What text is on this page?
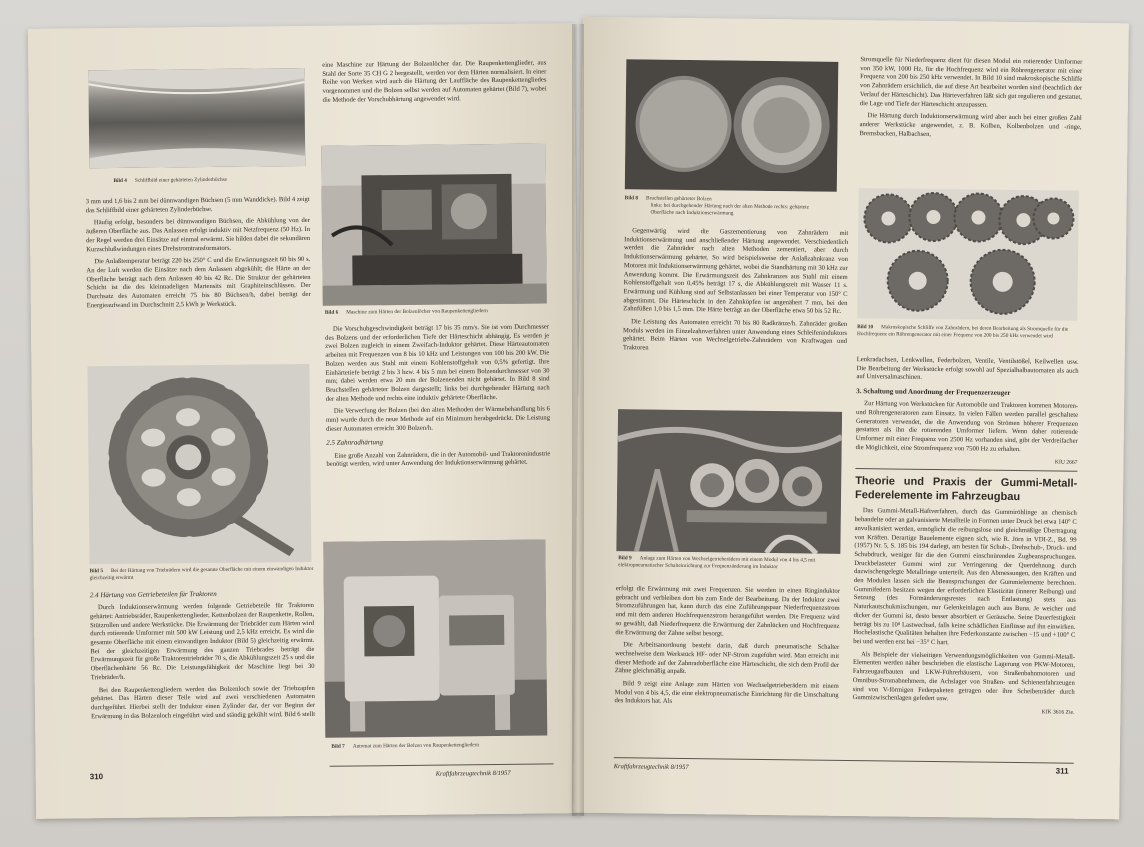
Bild 4 Schliffbild einer gehärteten Zylinderbüchse

3 mm und 1,6 bis 2 mm bei dünnwandigen Büchsen (5 mm Wanddicke). Bild 4 zeigt das Schliffbild einer gehärteten Zylinderbüchse.

Häufig erfolgt, besonders bei dünnwandigen Büchsen, die Abkühlung von der äußeren Oberfläche aus. Das Anlassen erfolgt induktiv mit Netzfrequenz (50 Hz). In der Regel werden drei Einsätze auf einmal erwärmt. Sie bilden dabei die sekundären Kurzschlußwindungen eines Drehstromtransformators.

Die Anlaßtemperatur beträgt 220 bis 250° C und die Erwärmungszeit 60 bis 90 s. An der Luft werden die Einsätze nach dem Anlassen abgekühlt; die Härte an der Oberfläche beträgt nach dem Anlassen 40 bis 42 Rc. Die Struktur der gehärteten Schicht ist die des kleinnadeligen Martensits mit Graphiteinschlüssen. Der Durchsatz des Automaten erreicht 75 bis 80 Büchsen/h, dabei beträgt der Energieaufwand im Durchschnitt 2,5 kWh je Werkstück.

Bild 5 Bei der Härtung von Triebrädern wird die gesamte Oberfläche mit einem einwandigen Induktor gleichzeitig erwärmt
2.4 Härtung von Getriebeteilen für Traktoren

Durch Induktionserwärmung werden folgende Getriebeteile für Traktoren gehärtet: Antriebsräder, Raupenkettenglieder, Kettenbolzen der Raupenkette, Rollen, Stützrollen und andere Werkstücke. Die Erwärmung der Triebräder zum Härten wird durch rotierende Umformer mit 500 kW Leistung und 2,5 kHz erreicht. Es wird die gesamte Oberfläche mit einem einwandigen Induktor (Bild 5) gleichzeitig erwärmt. Bei der gleichzeitigen Erwärmung des ganzen Triebrades beträgt die Erwärmungszeit für große Traktorentriebräder 70 s, die Abkühlungszeit 25 s und die Oberflächenhärte 56 Rc. Die Leistungsfähigkeit der Maschine liegt bei 30 Triebräder/h.

Bei den Raupenkettengliedern werden das Bolzenloch sowie der Triebzapfen gehärtet. Das Härten dieser Teile wird auf zwei verschiedenen Automaten durchgeführt. Hierbei stellt der Induktor einen Zylinder dar, der vor Beginn der Erwärmung in das Bolzenloch eingeführt wird und ständig gekühlt wird. Bild 6 stellt

eine Maschine zur Härtung der Bolzenlöcher dar. Die Raupenkettenglieder, aus Stahl der Sorte 35 CH G 2 hergestellt, werden vor dem Härten normalisiert. In einer Reihe von Werken wird auch die Härtung der Lauffläche des Raupenkettengliedes vorgenommen und die Bolzen selbst werden auf Automaten gehärtet (Bild 7), wobei die Methode der Vorschubhärtung angewendet wird.

Bild 6 Maschine zum Härten der Bolzenlöcher von Raupenkettengliedern

Die Vorschubgeschwindigkeit beträgt 17 bis 35 mm/s. Sie ist vom Durchmesser des Bolzens und der erforderlichen Tiefe der Härteschicht abhängig. Es werden je zwei Bolzen zugleich in einem Zweifach-Induktor gehärtet. Diese Härteautomaten arbeiten mit Frequenzen von 8 bis 10 kHz und Leistungen von 100 bis 200 kW. Die Bolzen werden aus Stahl mit einem Kohlenstoffgehalt von 0,5% gefertigt. Ihre Einhärtetiefe beträgt 2 bis 3 bzw. 4 bis 5 mm bei einem Bolzendurchmesser von 30 mm; dabei werden etwa 20 mm der Bolzenenden nicht gehärtet. In Bild 8 sind Bruchstellen gehärteter Bolzen dargestellt; links bei durchgehender Härtung nach der alten Methode und rechts eine induktiv gehärtete Oberfläche.

Die Verwerfung der Bolzen (bei den alten Methoden der Wärmebehandlung bis 6 mm) wurde durch die neue Methode auf ein Minimum herabgedrückt. Die Leistung dieser Automaten erreicht 300 Bolzen/h.

2.5 Zahnradhärtung

Eine große Anzahl von Zahnrädern, die in der Automobil- und Traktorenindustrie benötigt werden, wird unter Anwendung der Induktionserwärmung gehärtet.

Bild 7 Automat zum Härten der Bolzen von Raupenkettengliedern
310	Kraftfahrzeugtechnik 8/1957
Bild 8 Bruchstellen gehärteter Bolzen
links: bei durchgehender Härtung nach der alten Methode rechts: gehärtete Oberfläche nach Induktionserwärmung

Gegenwärtig wird die Gaszementierung von Zahnrädern mit Induktionserwärmung und anschließender Härtung angewendet. Verschiedentlich werden die Zahnräder nach alten Methoden zementiert, aber durch Induktionserwärmung gehärtet. So wird beispielsweise der Anlaßzahnkranz von Motoren mit Induktionserwärmung gehärtet, wobei die Standhärtung mit 30 kHz zur Anwendung kommt. Die Erwärmungszeit des Zahnkranzes aus Stahl mit einem Kohlenstoffgehalt von 0,45% beträgt 17 s, die Abkühlungszeit mit Wasser 11 s. Erwärmung und Kühlung sind auf Selbstanlassen bei einer Temperatur von 150° C abgestimmt. Die Härteschicht in den Zahnköpfen ist angenähert 7 mm, bei den Zahnfüßen 1,0 bis 1,5 mm. Die Härte beträgt an der Oberfläche etwa 50 bis 52 Rc.

Die Leistung des Automaten erreicht 70 bis 80 Radkränze/h. Zahnräder großen Moduls werden im Einzelzahnverfahren unter Anwendung eines Schleifeninduktors gehärtet. Beim Härten von Wechselgetriebe-Zahnrädern von Kraftwagen und Traktoren

Bild 9 Anlage zum Härten von Wechselgetrieberädern mit einem Modul von 4 bis 4,5 mit elektropneumatischer Schalteinrichtung zur Frequenzänderung im Induktor

erfolgt die Erwärmung mit zwei Frequenzen. Sie werden in einen Ringinduktor gebracht und verbleiben dort bis zum Ende der Bearbeitung. Da der Induktor zwei Stromzuführungen hat, kann durch das eine Zuführungspaar Niederfrequenzstrom und mit dem anderen Hochfrequenzstrom herangeführt werden. Die Frequenz wird so gewählt, daß Niederfrequenz die Erwärmung der Zahnlücken und Hochfrequenz die Erwärmung der Zähne selbst besorgt.

Die Arbeitsanordnung besteht darin, daß durch pneumatische Schalter wechselweise dem Werkstück HF- oder NF-Strom zugeführt wird. Man erreicht mit dieser Methode auf der Zahnradoberfläche eine Härteschicht, die sich dem Profil der Zähne gleichmäßig anpaßt.

Bild 9 zeigt eine Anlage zum Härten von Wechselgetrieberädern mit einem Modul von 4 bis 4,5, die eine elektropneumatische Einrichtung für die Umschaltung des Induktors hat. Als

Stromquelle für Niederfrequenz dient für diesen Modul ein rotierender Umformer von 350 kW, 1000 Hz, für die Hochfrequenz wird ein Röhrengenerator mit einer Frequenz von 200 bis 250 kHz verwendet. In Bild 10 sind makroskopische Schliffe von Zahnrädern ersichtlich, die auf diese Art bearbeitet worden sind (beachtlich der Verlauf der Härteschicht). Das Härteverfahren läßt sich gut regulieren und gestattet, die Lage und Tiefe der Härteschicht anzupassen.

Die Härtung durch Induktionserwärmung wird aber auch bei einer großen Zahl anderer Werkstücke angewendet, z. B. Kolben, Kolbenbolzen und -ringe, Bremsbacken, Halbachsen,

Bild 10 Makroskopische Schliffe von Zahnrädern, bei deren Bearbeitung als Stromquelle für die Hochfrequenz ein Röhrengenerator mit einer Frequenz von 200 bis 250 kHz verwendet wird

Lenkradachsen, Lenkwellen, Federbolzen, Ventile, Ventilstößel, Keilwellen usw. Die Bearbeitung der Werkstücke erfolgt sowohl auf Spezialhalbautomaten als auch auf Universalmaschinen.

3. Schaltung und Anordnung der Frequenzerzeuger

Zur Härtung von Werkstücken für Automobile und Traktoren kommen Motoren- und Röhrengeneratoren zum Einsatz. In vielen Fällen werden parallel geschaltete Generatoren verwendet, die die Anwendung von Strömen höherer Frequenzen gestatten als ihn die rotierenden Umformer liefern. Wenn daher rotierende Umformer mit einer Frequenz von 2500 Hz vorhanden sind, gibt der Verdreifacher die Möglichkeit, eine Stromfrequenz von 7500 Hz zu erhalten.

KfU 2667
Theorie und Praxis der Gummi-Metall-Federelemente im Fahrzeugbau

Das Gummi-Metall-Haftverfahren, durch das Gummiröhlinge an chemisch behandelte oder an galvanisierte Metallteile in Formen unter Druck bei etwa 140° C anvulkanisiert werden, ermöglicht die reibungslose und gleichmäßige Übertragung von Kräften. Derartige Bauelemente eignen sich, wie R. Jörn in VDI-Z., Bd. 99 (1957) Nr. 5, S. 185 bis 194 darlegt, am besten für Schub-, Drehschub-, Druck- und Schubdruck, weniger für die den Gummi einschnürenden Zugbeanspruchungen. Druckbelasteter Gummi wird zur Verringerung der Querdehnung durch dazwischengelegte Metallringe unterteilt. Aus den Abmessungen, den Kräften und den Modulen lassen sich die Beanspruchungen der Gummielemente berechnen. Gummifedern besitzen wegen der erforderlichen Elastizität (innerer Reibung) und Setzung (des Formänderungsrestes nach Entlastung) stets aus Naturkautschukmischungen, nur Gelenkeinlagen auch aus Buna. Je weicher und dicker der Gummi ist, desto besser absorbiert er Geräusche. Seine Dauerfestigkeit beträgt bis zu 10⁸ Lastwechsel, falls keine schädlichen Einflüsse auf ihn einwirken. Hochelastische Qualitäten behalten ihre Federkonstante zwischen −15 und +100° C bei und werden erst bei −35° C hart.

Als Beispiele der vielseitigen Verwendungsmöglichkeiten von Gummi-Metall-Elementen werden näher beschrieben die elastische Lagerung von PKW-Motoren, Fahrzeugaufbauten und LKW-Führerhäusern, von Straßenbahnmotoren und Omnibus-Stromabnehmern, die Achslager von Straßen- und Schienenfahrzeugen sind von V-förmigen Federpaketen getragen oder ihre Scheibenräder durch Gummizwischenlagen gefedert usw.

KfK 3616 Zie.
Kraftfahrzeugtechnik 8/1957	311
